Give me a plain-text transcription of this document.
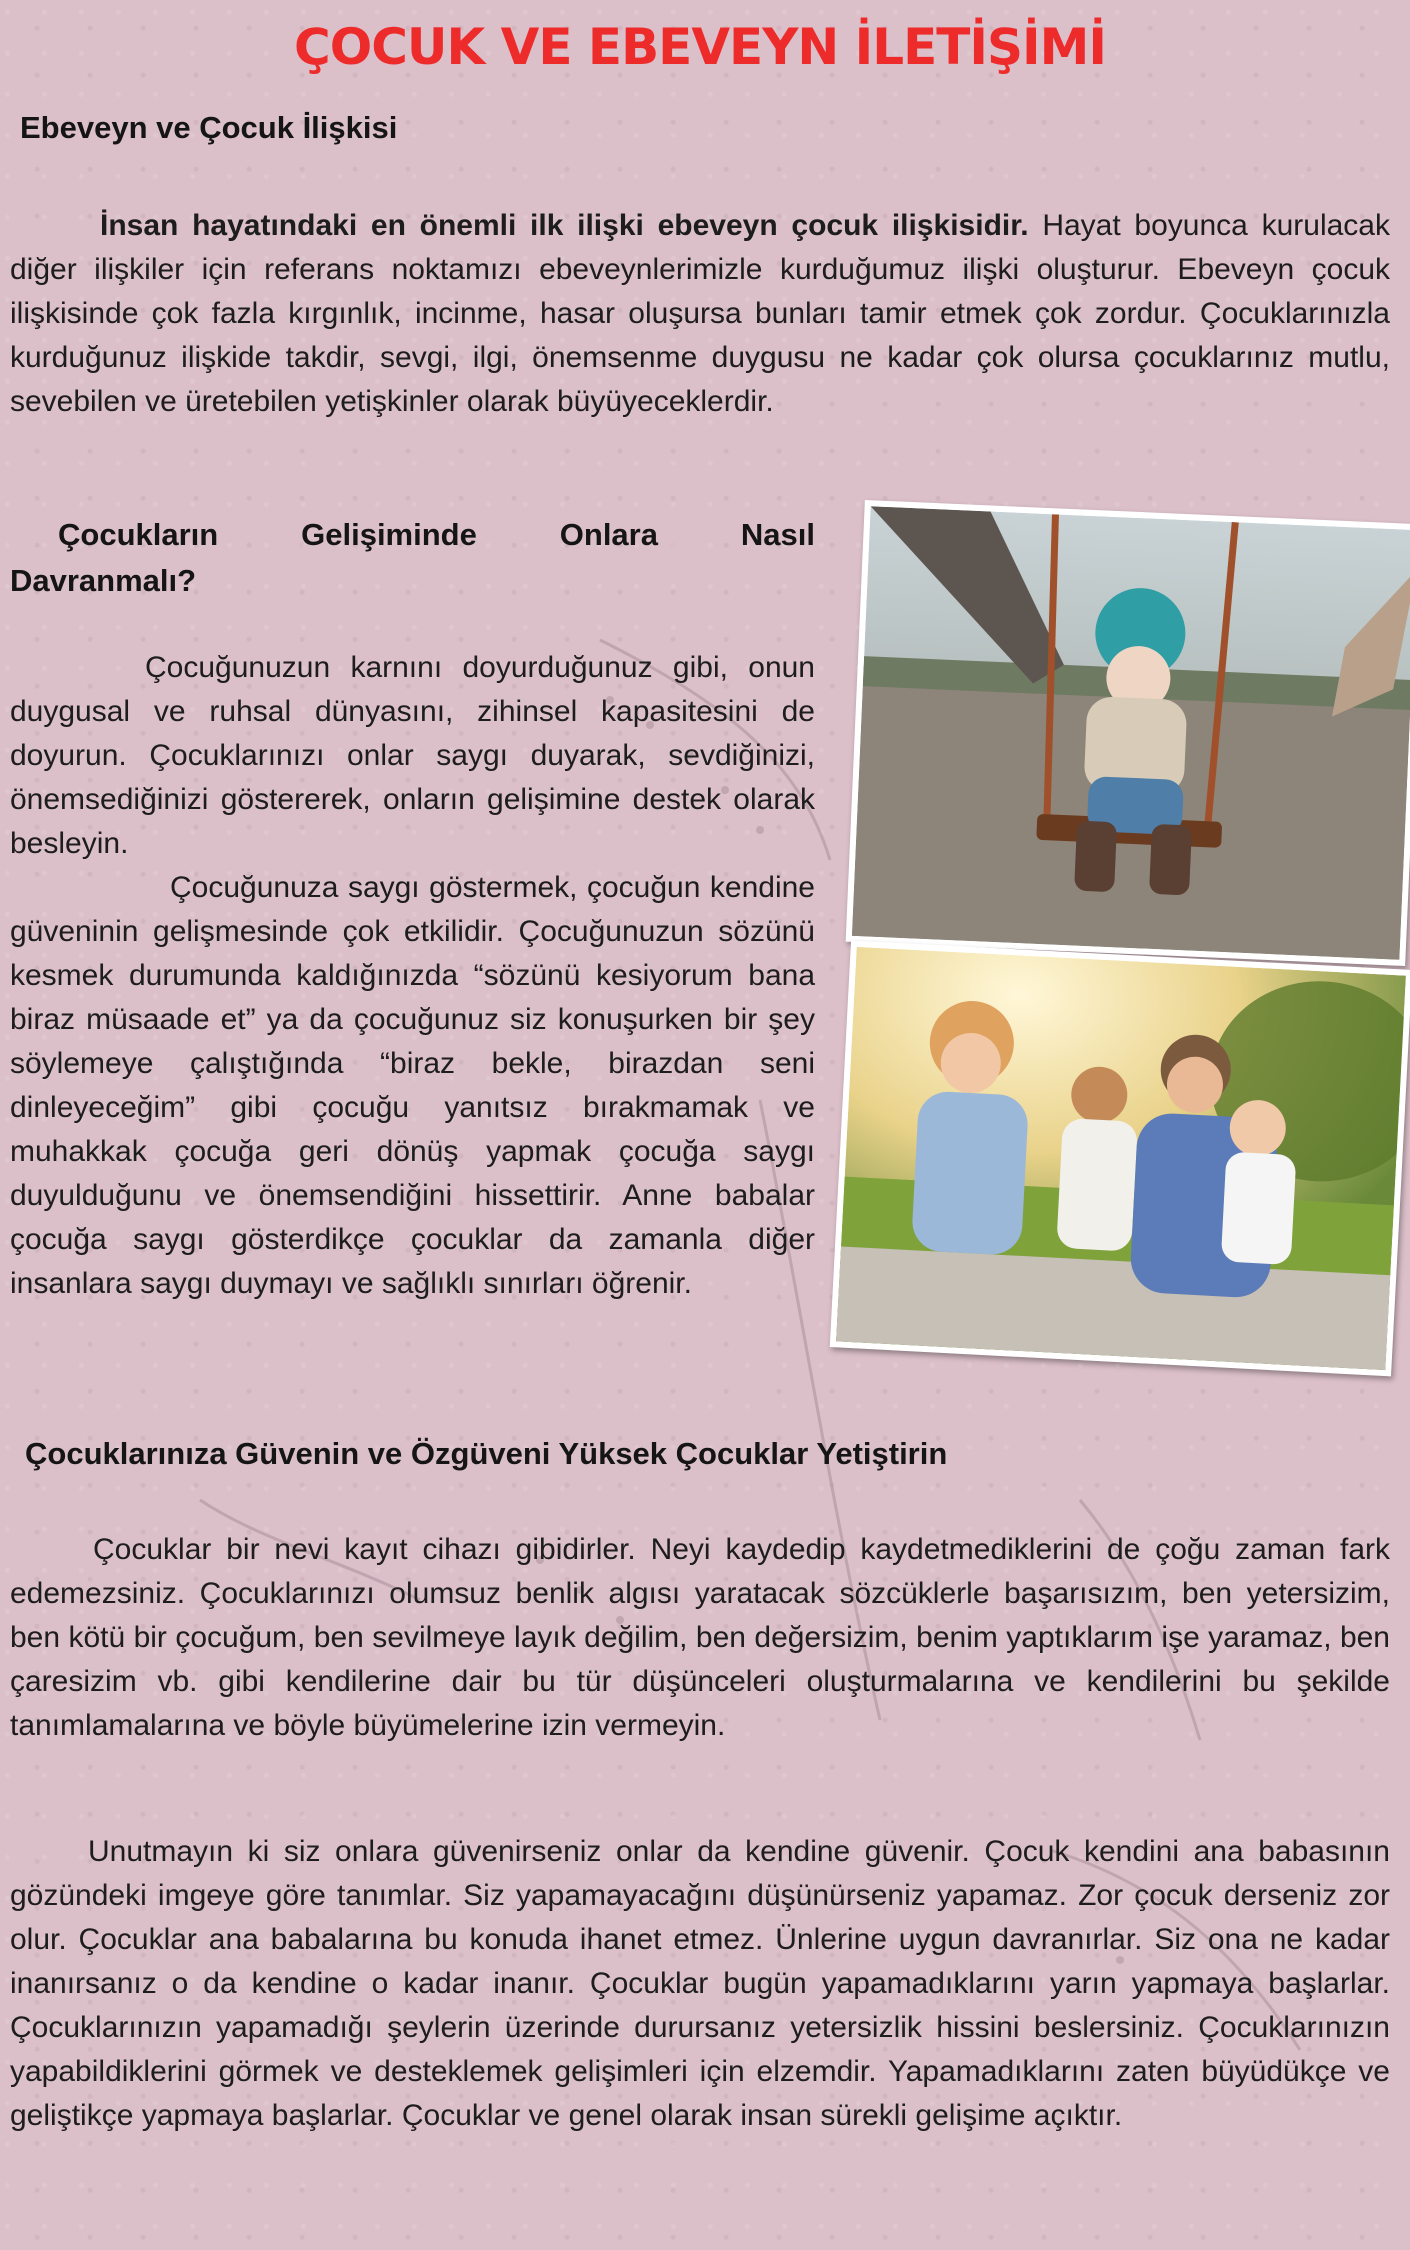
ÇOCUK VE EBEVEYN İLETİŞİMİ
Ebeveyn ve Çocuk İlişkisi
İnsan hayatındaki en önemli ilk ilişki ebeveyn çocuk ilişkisidir. Hayat boyunca kurulacak diğer ilişkiler için referans noktamızı ebeveynlerimizle kurduğumuz ilişki oluşturur. Ebeveyn çocuk ilişkisinde çok fazla kırgınlık, incinme, hasar oluşursa bunları tamir etmek çok zordur. Çocuklarınızla kurduğunuz ilişkide takdir, sevgi, ilgi, önemsenme duygusu ne kadar çok olursa çocuklarınız mutlu, sevebilen ve üretebilen yetişkinler olarak büyüyeceklerdir.
Çocukların Gelişiminde Onlara Nasıl
Davranmalı?
Çocuğunuzun karnını doyurduğunuz gibi, onun duygusal ve ruhsal dünyasını, zihinsel kapasitesini de doyurun. Çocuklarınızı onlar saygı duyarak, sevdiğinizi, önemsediğinizi göstererek, onların gelişimine destek olarak besleyin.
Çocuğunuza saygı göstermek, çocuğun kendine güveninin gelişmesinde çok etkilidir. Çocuğunuzun sözünü kesmek durumunda kaldığınızda “sözünü kesiyorum bana biraz müsaade et” ya da çocuğunuz siz konuşurken bir şey söylemeye çalıştığında “biraz bekle, birazdan seni dinleyeceğim” gibi çocuğu yanıtsız bırakmamak ve muhakkak çocuğa geri dönüş yapmak çocuğa saygı duyulduğunu ve önemsendiğini hissettirir. Anne babalar çocuğa saygı gösterdikçe çocuklar da zamanla diğer insanlara saygı duymayı ve sağlıklı sınırları öğrenir.
Çocuklarınıza Güvenin ve Özgüveni Yüksek Çocuklar Yetiştirin
Çocuklar bir nevi kayıt cihazı gibidirler. Neyi kaydedip kaydetmediklerini de çoğu zaman fark edemezsiniz. Çocuklarınızı olumsuz benlik algısı yaratacak sözcüklerle başarısızım, ben yetersizim, ben kötü bir çocuğum, ben sevilmeye layık değilim, ben değersizim, benim yaptıklarım işe yaramaz, ben çaresizim vb. gibi kendilerine dair bu tür düşünceleri oluşturmalarına ve kendilerini bu şekilde tanımlamalarına ve böyle büyümelerine izin vermeyin.
Unutmayın ki siz onlara güvenirseniz onlar da kendine güvenir. Çocuk kendini ana babasının gözündeki imgeye göre tanımlar. Siz yapamayacağını düşünürseniz yapamaz. Zor çocuk derseniz zor olur. Çocuklar ana babalarına bu konuda ihanet etmez. Ünlerine uygun davranırlar. Siz ona ne kadar inanırsanız o da kendine o kadar inanır. Çocuklar bugün yapamadıklarını yarın yapmaya başlarlar. Çocuklarınızın yapamadığı şeylerin üzerinde durursanız yetersizlik hissini beslersiniz. Çocuklarınızın yapabildiklerini görmek ve desteklemek gelişimleri için elzemdir. Yapamadıklarını zaten büyüdükçe ve geliştikçe yapmaya başlarlar. Çocuklar ve genel olarak insan sürekli gelişime açıktır.
